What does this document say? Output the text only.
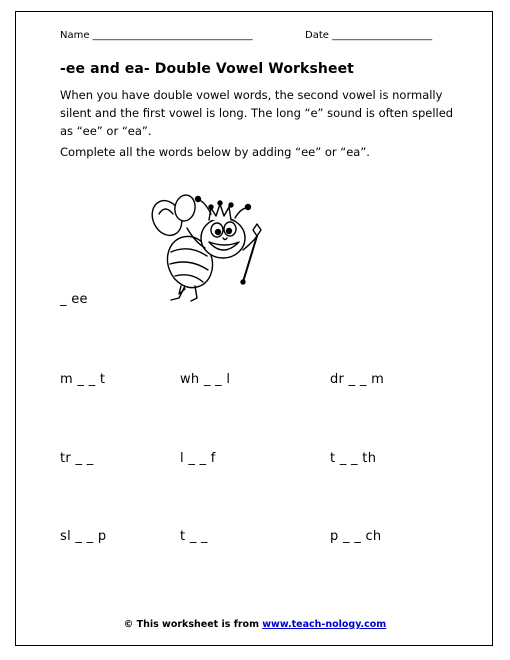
Name ________________________________	Date ____________________
-ee and ea- Double Vowel Worksheet
When you have double vowel words, the second vowel is normally silent and the first vowel is long. The long “e” sound is often spelled as “ee” or “ea”.
Complete all the words below by adding “ee” or “ea”.
_ ee
m _ _ t	wh _ _ l	dr _ _ m
tr _ _	l _ _ f	t _ _ th
sl _ _ p	t _ _	p _ _ ch
© This worksheet is from www.teach-nology.com
